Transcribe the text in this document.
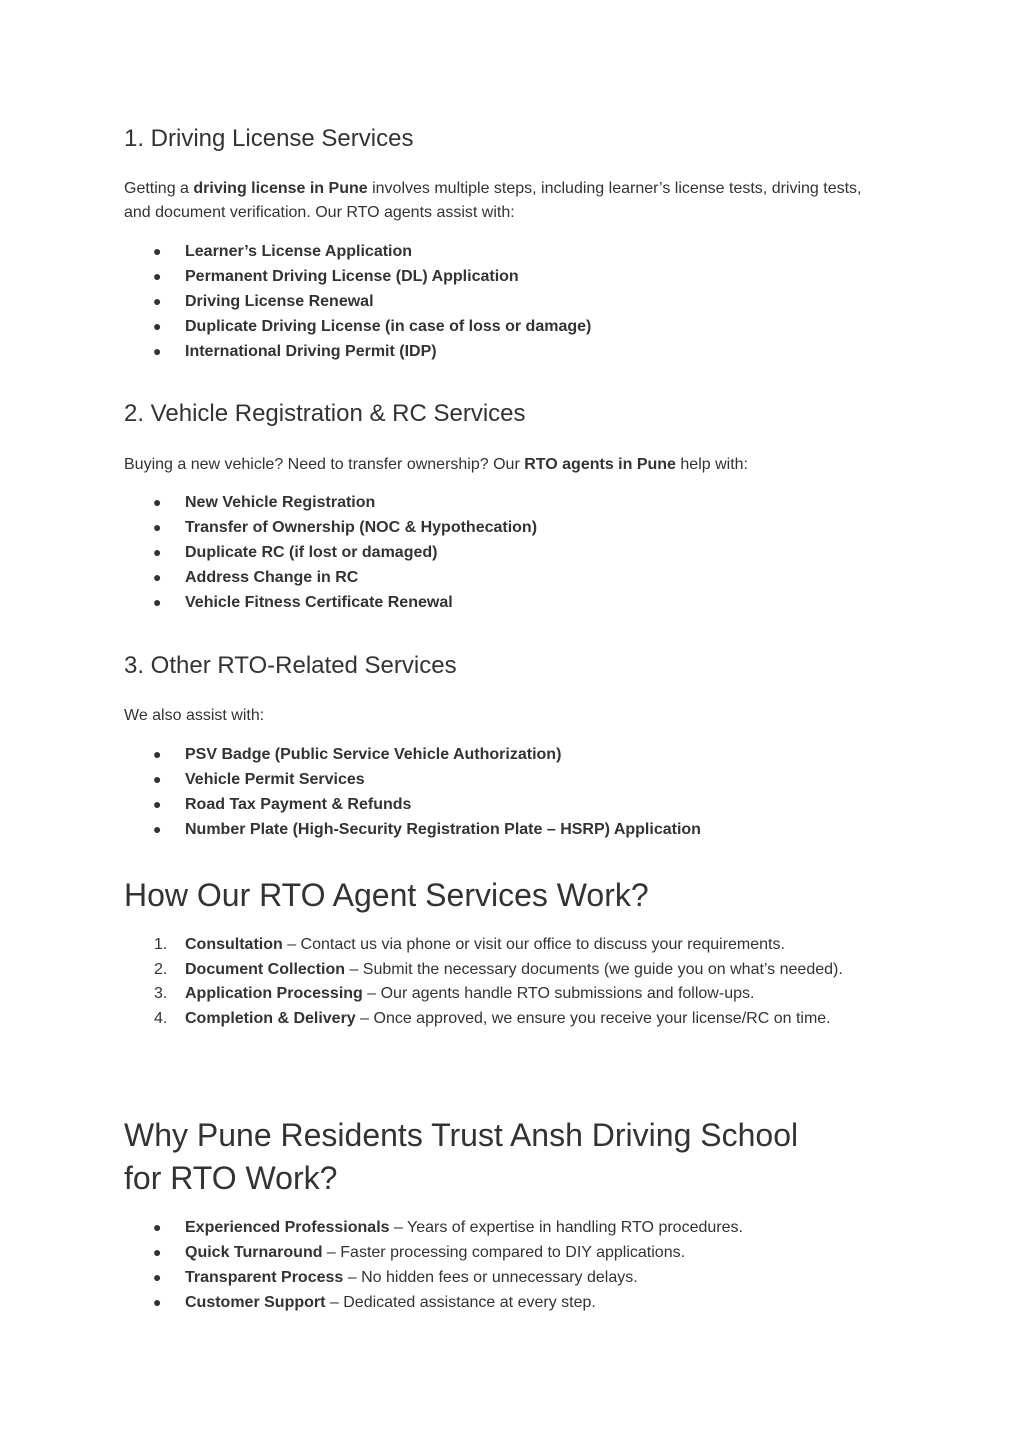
1. Driving License Services

Getting a driving license in Pune involves multiple steps, including learner’s license tests, driving tests, and document verification. Our RTO agents assist with:

● Learner’s License Application
● Permanent Driving License (DL) Application
● Driving License Renewal
● Duplicate Driving License (in case of loss or damage)
● International Driving Permit (IDP)
2. Vehicle Registration & RC Services

Buying a new vehicle? Need to transfer ownership? Our RTO agents in Pune help with:

● New Vehicle Registration
● Transfer of Ownership (NOC & Hypothecation)
● Duplicate RC (if lost or damaged)
● Address Change in RC
● Vehicle Fitness Certificate Renewal
3. Other RTO-Related Services

We also assist with:

● PSV Badge (Public Service Vehicle Authorization)
● Vehicle Permit Services
● Road Tax Payment & Refunds
● Number Plate (High-Security Registration Plate – HSRP) Application
How Our RTO Agent Services Work?
1. Consultation – Contact us via phone or visit our office to discuss your requirements.
2. Document Collection – Submit the necessary documents (we guide you on what’s needed).
3. Application Processing – Our agents handle RTO submissions and follow-ups.
4. Completion & Delivery – Once approved, we ensure you receive your license/RC on time.
Why Pune Residents Trust Ansh Driving School
for RTO Work?
● Experienced Professionals – Years of expertise in handling RTO procedures.
● Quick Turnaround – Faster processing compared to DIY applications.
● Transparent Process – No hidden fees or unnecessary delays.
● Customer Support – Dedicated assistance at every step.
